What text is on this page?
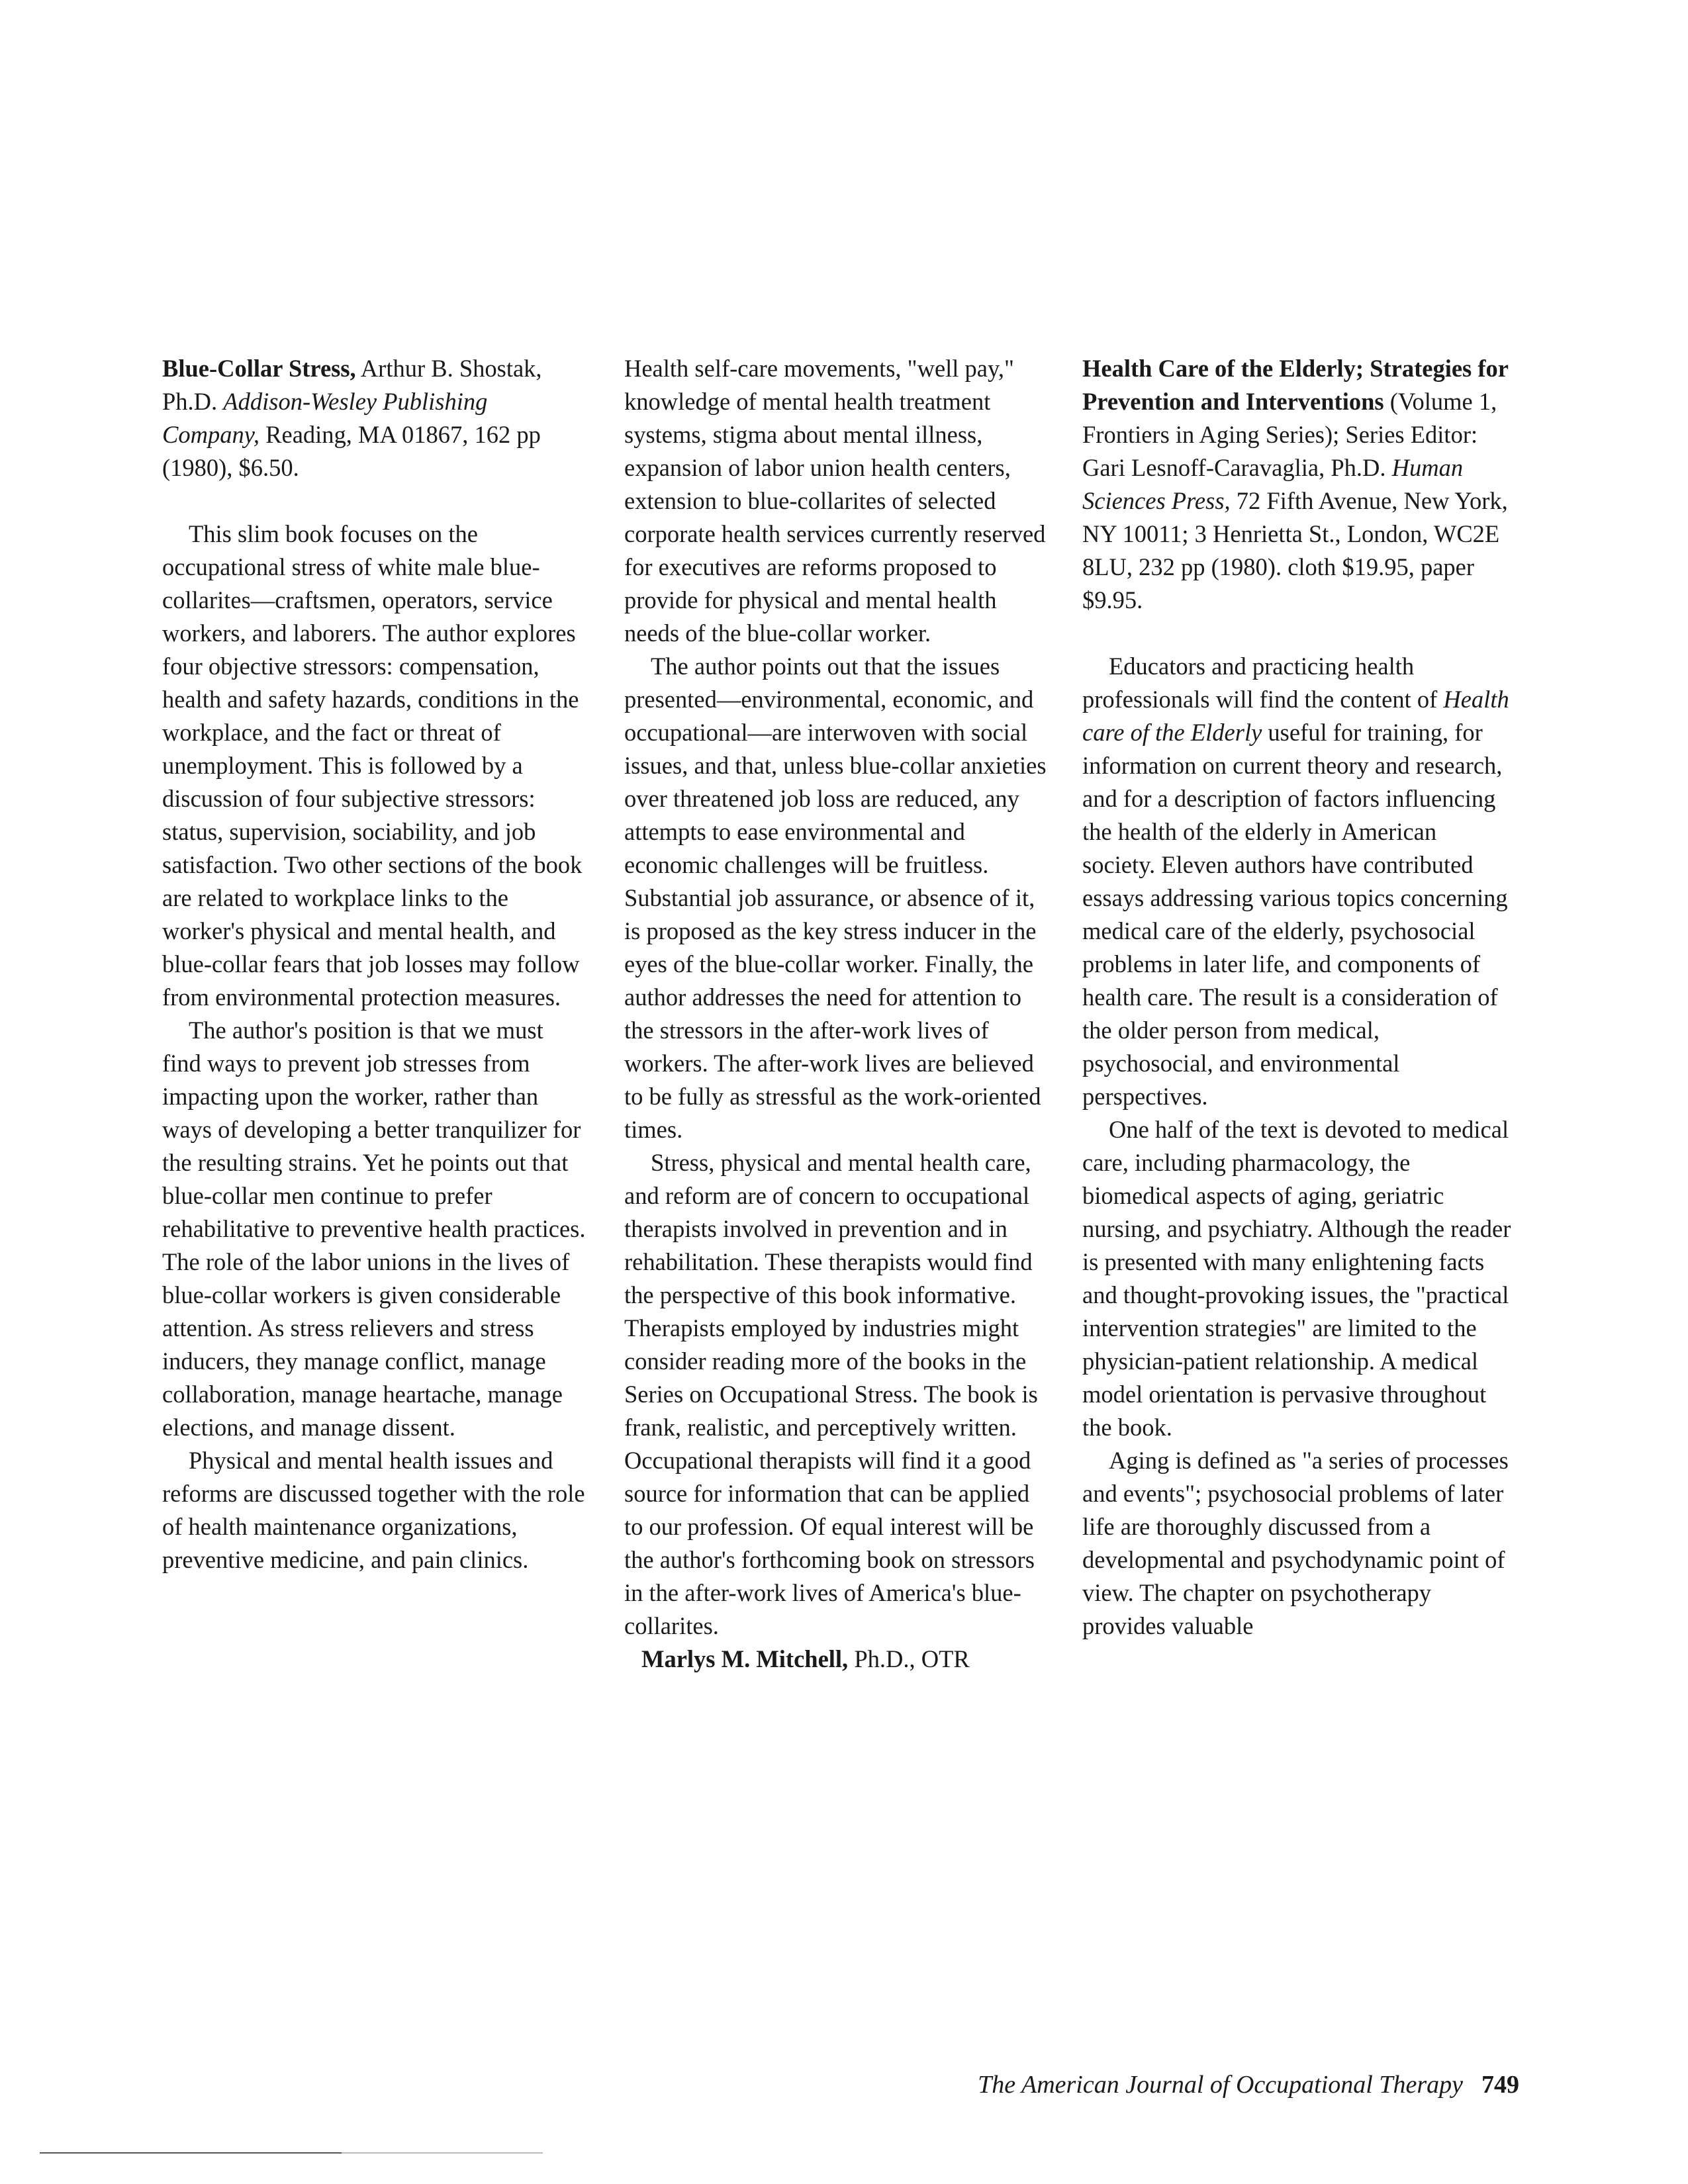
Blue-Collar Stress, Arthur B. Shostak, Ph.D. Addison-Wesley Publishing Company, Reading, MA 01867, 162 pp (1980), $6.50.

This slim book focuses on the occupational stress of white male blue-collarites—craftsmen, operators, service workers, and laborers. The author explores four objective stressors: compensation, health and safety hazards, conditions in the workplace, and the fact or threat of unemployment. This is followed by a discussion of four subjective stressors: status, supervision, sociability, and job satisfaction. Two other sections of the book are related to workplace links to the worker's physical and mental health, and blue-collar fears that job losses may follow from environmental protection measures.

The author's position is that we must find ways to prevent job stresses from impacting upon the worker, rather than ways of developing a better tranquilizer for the resulting strains. Yet he points out that blue-collar men continue to prefer rehabilitative to preventive health practices. The role of the labor unions in the lives of blue-collar workers is given considerable attention. As stress relievers and stress inducers, they manage conflict, manage collaboration, manage heartache, manage elections, and manage dissent.

Physical and mental health issues and reforms are discussed together with the role of health maintenance organizations, preventive medicine, and pain clinics.

Health self-care movements, "well pay," knowledge of mental health treatment systems, stigma about mental illness, expansion of labor union health centers, extension to blue-collarites of selected corporate health services currently reserved for executives are reforms proposed to provide for physical and mental health needs of the blue-collar worker.

The author points out that the issues presented—environmental, economic, and occupational—are interwoven with social issues, and that, unless blue-collar anxieties over threatened job loss are reduced, any attempts to ease environmental and economic challenges will be fruitless. Substantial job assurance, or absence of it, is proposed as the key stress inducer in the eyes of the blue-collar worker. Finally, the author addresses the need for attention to the stressors in the after-work lives of workers. The after-work lives are believed to be fully as stressful as the work-oriented times.

Stress, physical and mental health care, and reform are of concern to occupational therapists involved in prevention and in rehabilitation. These therapists would find the perspective of this book informative. Therapists employed by industries might consider reading more of the books in the Series on Occupational Stress. The book is frank, realistic, and perceptively written. Occupational therapists will find it a good source for information that can be applied to our profession. Of equal interest will be the author's forthcoming book on stressors in the after-work lives of America's blue-collarites.

Marlys M. Mitchell, Ph.D., OTR

Health Care of the Elderly; Strategies for Prevention and Interventions (Volume 1, Frontiers in Aging Series); Series Editor: Gari Lesnoff-Caravaglia, Ph.D. Human Sciences Press, 72 Fifth Avenue, New York, NY 10011; 3 Henrietta St., London, WC2E 8LU, 232 pp (1980). cloth $19.95, paper $9.95.

Educators and practicing health professionals will find the content of Health care of the Elderly useful for training, for information on current theory and research, and for a description of factors influencing the health of the elderly in American society. Eleven authors have contributed essays addressing various topics concerning medical care of the elderly, psychosocial problems in later life, and components of health care. The result is a consideration of the older person from medical, psychosocial, and environmental perspectives.

One half of the text is devoted to medical care, including pharmacology, the biomedical aspects of aging, geriatric nursing, and psychiatry. Although the reader is presented with many enlightening facts and thought-provoking issues, the "practical intervention strategies" are limited to the physician-patient relationship. A medical model orientation is pervasive throughout the book.

Aging is defined as "a series of processes and events"; psychosocial problems of later life are thoroughly discussed from a developmental and psychodynamic point of view. The chapter on psychotherapy provides valuable

The American Journal of Occupational Therapy 749
